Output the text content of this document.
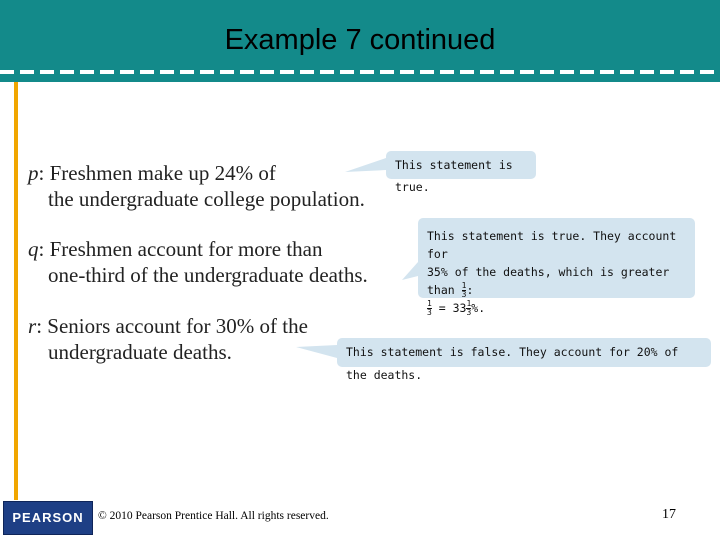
Example 7 continued
p: Freshmen make up 24% of
the undergraduate college population.
q: Freshmen account for more than
one-third of the undergraduate deaths.
r: Seniors account for 30% of the
undergraduate deaths.
This statement is true.
This statement is true. They account for
35% of the deaths, which is greater than $\frac{1}{3}$ :
$\frac{1}{3} = 33 \frac{1}{3}$ %.
This statement is false. They account for 20% of the deaths.
PEARSON	© 2010 Pearson Prentice Hall. All rights reserved.	17
